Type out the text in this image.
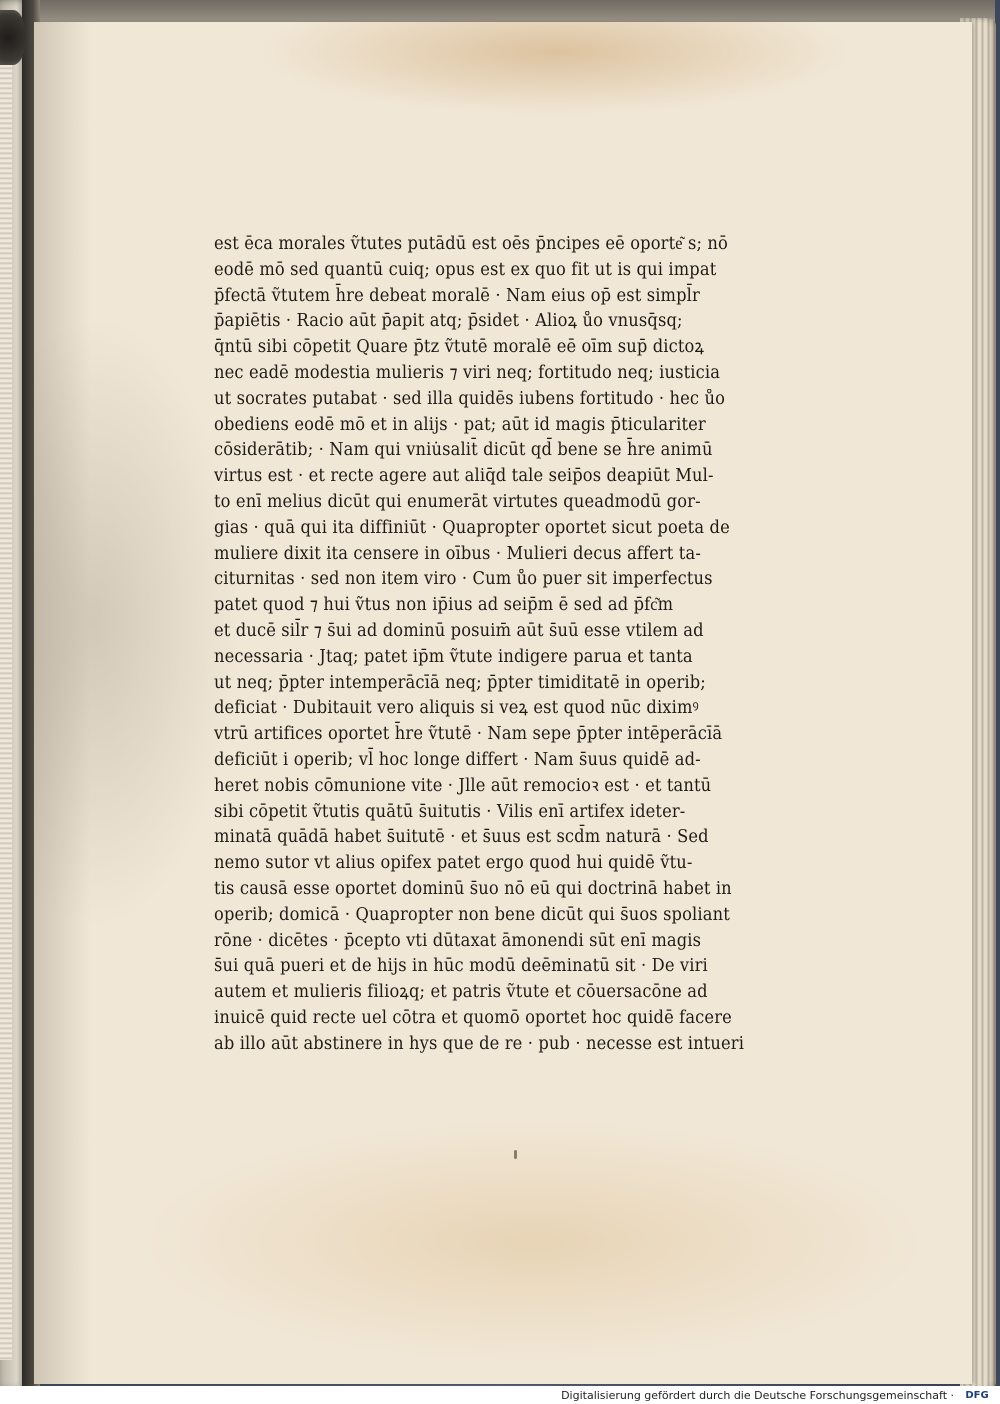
est ēca morales ṽtutes putādū est oēs p̄ncipes eē oporte͂ s; nō
eodē mō sed quantū cuiq; opus est ex quo fit ut is qui impat
p̄fectā ṽtutem h̄re debeat moralē · Nam eius op̄ est simpl̄r
p̄apiētis · Racio aūt p̄apit atq; p̄sidet · Alioꝝ ůo vnusq̄sq;
q̄ntū sibi cōpetit Quare p̄tz ṽtutē moralē eē oīm sup̄ dictoꝝ
nec eadē modestia mulieris ⁊ viri neq; fortitudo neq; iusticia
ut socrates putabat · sed illa quidēs iubens fortitudo · hec ůo
obediens eodē mō et in alijs · pat; aūt id magis p̄ticulariter
cōsiderātib; · Nam qui vniu̇salit̄ dicūt qd̄ bene se h̄re animū
virtus est · et recte agere aut aliq̄d tale seip̄os deapiūt Mul-
to enī melius dicūt qui enumerāt virtutes queadmodū gor-
gias · quā qui ita diffiniūt · Quapropter oportet sicut poeta de
muliere dixit ita censere in oībus · Mulieri decus affert ta-
citurnitas · sed non item viro · Cum ůo puer sit imperfectus
patet quod ⁊ hui̇ ṽtus non ip̄ius ad seip̄m ē sed ad p̄fc͂m
et ducē sil̄r ⁊ s̄ui ad dominū posuim̄ aūt s̄uū esse vtilem ad
necessaria · Jtaq; patet ip̄m ṽtute indigere parua et tanta
ut neq; p̄pter intemperācīā neq; p̄pter timiditatē in operib;
deficiat · Dubitauit vero aliquis si veꝝ est quod nūc diximꝰ
vtrū artifices oportet h̄re ṽtutē · Nam sepe p̄pter intēperācīā
deficiūt i operib; vl̄ hoc longe differt · Nam s̄uus quidē ad-
heret nobis cōmunione vite · Jlle aūt remocioꝛ est · et tantū
sibi cōpetit ṽtutis quātū s̄uitutis · Vilis enī artifex ideter-
minatā quādā habet s̄uitutē · et s̄uus est scd̄m naturā · Sed
nemo sutor vt alius opifex patet ergo quod hui̇ quidē ṽtu-
tis causā esse oportet dominū s̄uo nō eū qui doctrinā habet in
operib; domicā · Quapropter non bene dicūt qui s̄uos spoliant
rōne · dicētes · p̄cepto vti dūtaxat āmonendi sūt enī magis
s̄ui quā pueri et de hijs in hūc modū deēminatū sit · De viri
autem et mulieris filioꝝq; et patris ṽtute et cōuersacōne ad
inuicē quid recte uel cōtra et quomō oportet hoc quidē facere
ab illo aūt abstinere in hys que de re · pub · necesse est intueri
Digitalisierung gefördert durch die Deutsche Forschungsgemeinschaft ·	DFG
